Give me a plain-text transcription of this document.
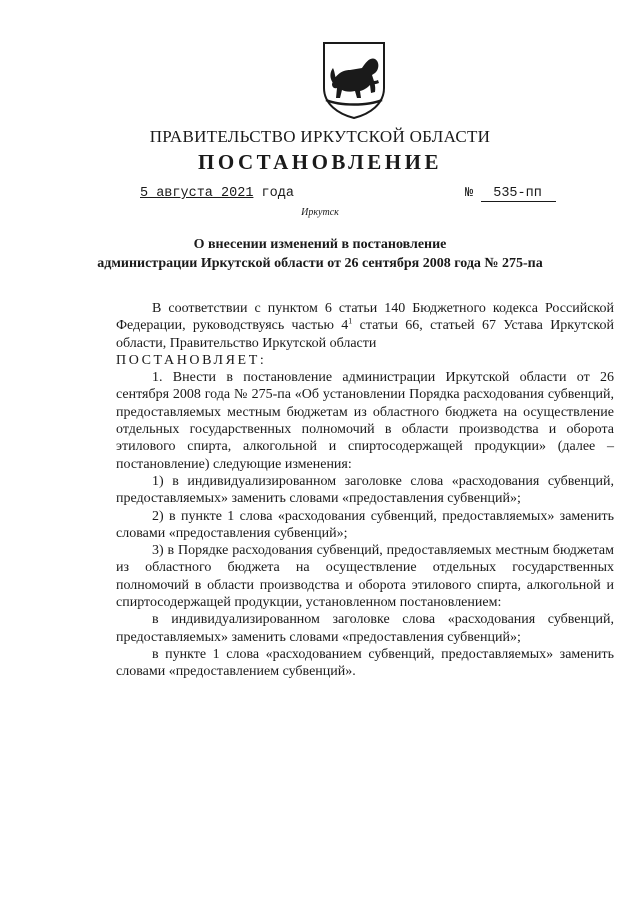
ПРАВИТЕЛЬСТВО ИРКУТСКОЙ ОБЛАСТИ
ПОСТАНОВЛЕНИЕ
5 августа 2021 года	№ 535-пп
Иркутск
О внесении изменений в постановление
администрации Иркутской области от 26 сентября 2008 года № 275-па

В соответствии с пунктом 6 статьи 140 Бюджетного кодекса Российской Федерации, руководствуясь частью $4^1$ статьи 66, статьей 67 Устава Иркутской области, Правительство Иркутской области

ПОСТАНОВЛЯЕТ:

1. Внести в постановление администрации Иркутской области от 26 сентября 2008 года № 275-па «Об установлении Порядка расходования субвенций, предоставляемых местным бюджетам из областного бюджета на осуществление отдельных государственных полномочий в области производства и оборота этилового спирта, алкогольной и спиртосодержащей продукции» (далее – постановление) следующие изменения:

1) в индивидуализированном заголовке слова «расходования субвенций, предоставляемых» заменить словами «предоставления субвенций»;

2) в пункте 1 слова «расходования субвенций, предоставляемых» заменить словами «предоставления субвенций»;

3) в Порядке расходования субвенций, предоставляемых местным бюджетам из областного бюджета на осуществление отдельных государственных полномочий в области производства и оборота этилового спирта, алкогольной и спиртосодержащей продукции, установленном постановлением:

в индивидуализированном заголовке слова «расходования субвенций, предоставляемых» заменить словами «предоставления субвенций»;

в пункте 1 слова «расходованием субвенций, предоставляемых» заменить словами «предоставлением субвенций».
